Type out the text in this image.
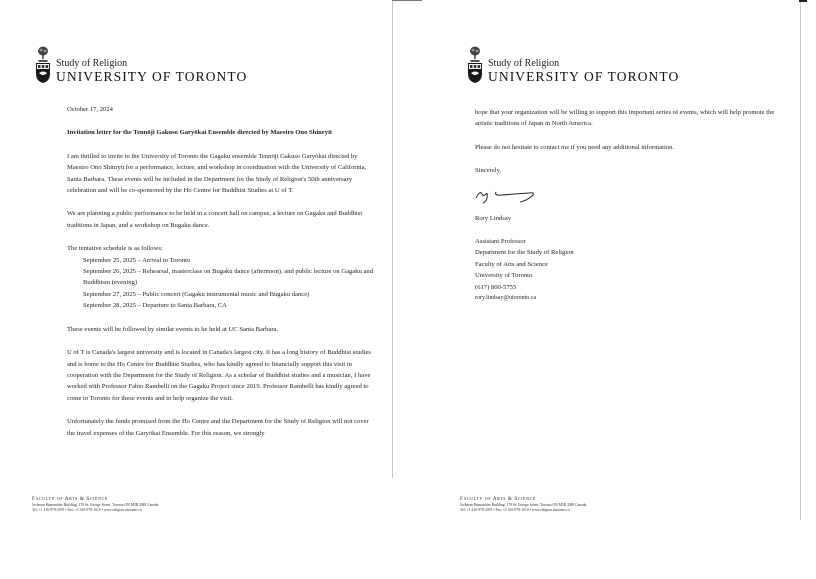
Study of Religion
UNIVERSITY OF TORONTO

October 17, 2024

Invitation letter for the Tennōji Gakuso Garyōkai Ensemble directed by Maestro Ono Shinryū

I am thrilled to invite to the University of Toronto the Gagaku ensemble Tennōji Gakuso Garyōkai directed by Maestro Ono Shinryū for a performance, lecture, and workshop in coordination with the University of California, Santa Barbara. These events will be included in the Department for the Study of Religion's 50th anniversary celebration and will be co-sponsored by the Ho Centre for Buddhist Studies at U of T.

We are planning a public performance to be held in a concert hall on campus, a lecture on Gagaku and Buddhist traditions in Japan, and a workshop on Bugaku dance.

The tentative schedule is as follows:

September 25, 2025 – Arrival in Toronto
September 26, 2025 – Rehearsal, masterclass on Bugaku dance (afternoon), and public lecture on Gagaku and Buddhism (evening)
September 27, 2025 – Public concert (Gagaku instrumental music and Bugaku dance)
September 28, 2025 – Departure to Santa Barbara, CA

These events will be followed by similar events to be held at UC Santa Barbara.

U of T is Canada's largest university and is located in Canada's largest city. It has a long history of Buddhist studies and is home to the Ho Centre for Buddhist Studies, who has kindly agreed to financially support this visit in cooperation with the Department for the Study of Religion. As a scholar of Buddhist studies and a musician, I have worked with Professor Fabio Rambelli on the Gagaku Project since 2019. Professor Rambelli has kindly agreed to come to Toronto for these events and to help organize the visit.

Unfortunately the funds promised from the Ho Centre and the Department for the Study of Religion will not cover the travel expenses of the Garyōkai Ensemble. For this reason, we strongly

Faculty of Arts & Science
Jackman Humanities Building, 170 St. George Street, Toronto ON M5R 2M8 Canada
Tel: +1 416-978-2395 • Fax: +1 416-978-1610 • www.religion.utoronto.ca
Study of Religion
UNIVERSITY OF TORONTO

hope that your organization will be willing to support this important series of events, which will help promote the artistic traditions of Japan in North America.

Please do not hesitate to contact me if you need any additional information.

Sincerely,

Rory Lindsay

Assistant Professor

Department for the Study of Religion

Faculty of Arts and Science

University of Toronto

(617) 800-5755

rory.lindsay@utoronto.ca

Faculty of Arts & Science
Jackman Humanities Building, 170 St. George Street, Toronto ON M5R 2M8 Canada
Tel: +1 416-978-2395 • Fax: +1 416-978-1610 • www.religion.utoronto.ca
